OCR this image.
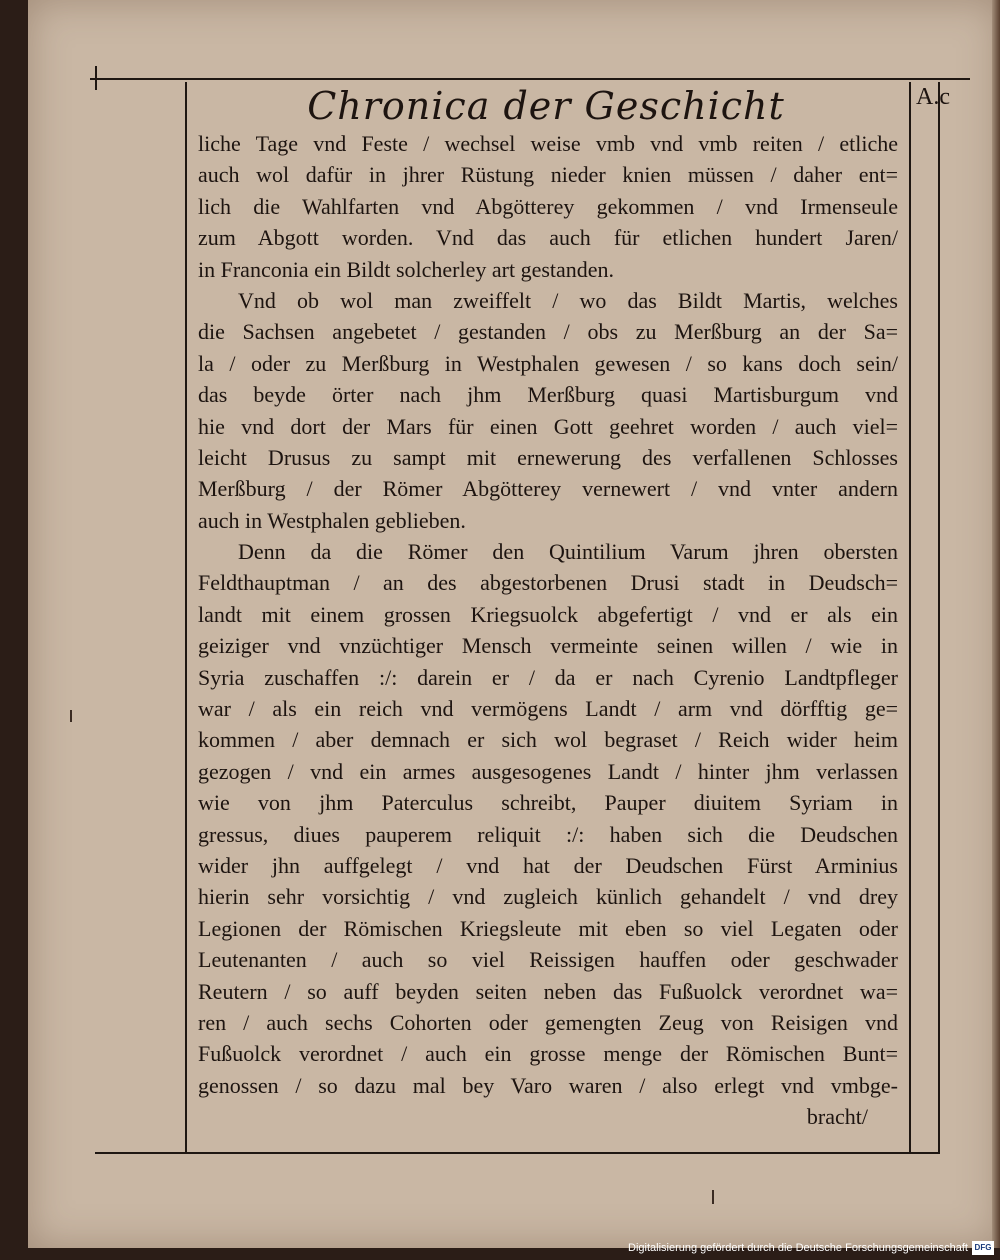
Chronica der Geschicht	A.c
liche Tage vnd Feste / wechsel weise vmb vnd vmb reiten / etliche
auch wol dafür in jhrer Rüstung nieder knien müssen / daher ent=
lich die Wahlfarten vnd Abgötterey gekommen / vnd Irmenseule
zum Abgott worden. Vnd das auch für etlichen hundert Jaren/
in Franconia ein Bildt solcherley art gestanden.
Vnd ob wol man zweiffelt / wo das Bildt Martis, welches
die Sachsen angebetet / gestanden / obs zu Merßburg an der Sa=
la / oder zu Merßburg in Westphalen gewesen / so kans doch sein/
das beyde örter nach jhm Merßburg quasi Martisburgum vnd
hie vnd dort der Mars für einen Gott geehret worden / auch viel=
leicht Drusus zu sampt mit ernewerung des verfallenen Schlosses
Merßburg / der Römer Abgötterey vernewert / vnd vnter andern
auch in Westphalen geblieben.
Denn da die Römer den Quintilium Varum jhren obersten
Feldthauptman / an des abgestorbenen Drusi stadt in Deudsch=
landt mit einem grossen Kriegsuolck abgefertigt / vnd er als ein
geiziger vnd vnzüchtiger Mensch vermeinte seinen willen / wie in
Syria zuschaffen :/: darein er / da er nach Cyrenio Landtpfleger
war / als ein reich vnd vermögens Landt / arm vnd dörfftig ge=
kommen / aber demnach er sich wol begraset / Reich wider heim
gezogen / vnd ein armes ausgesogenes Landt / hinter jhm verlassen
wie von jhm Paterculus schreibt, Pauper diuitem Syriam in
gressus, diues pauperem reliquit :/: haben sich die Deudschen
wider jhn auffgelegt / vnd hat der Deudschen Fürst Arminius
hierin sehr vorsichtig / vnd zugleich künlich gehandelt / vnd drey
Legionen der Römischen Kriegsleute mit eben so viel Legaten oder
Leutenanten / auch so viel Reissigen hauffen oder geschwader
Reutern / so auff beyden seiten neben das Fußuolck verordnet wa=
ren / auch sechs Cohorten oder gemengten Zeug von Reisigen vnd
Fußuolck verordnet / auch ein grosse menge der Römischen Bunt=
genossen / so dazu mal bey Varo waren / also erlegt vnd vmbge-
bracht/
Digitalisierung gefördert durch die Deutsche Forschungsgemeinschaft DFG
